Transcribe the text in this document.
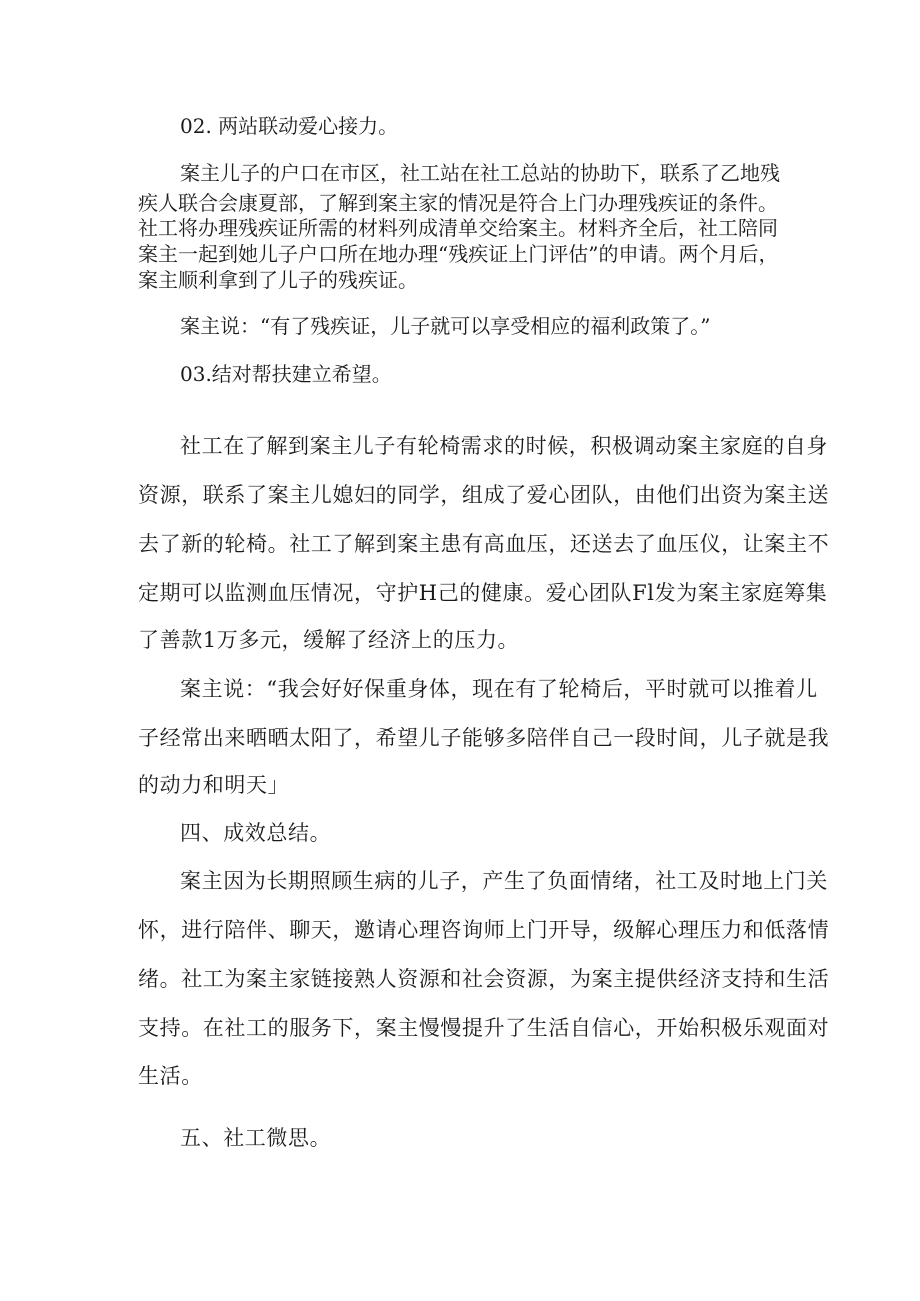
02. 两站联动爱心接力。
案主儿子的户口在市区，社工站在社工总站的协助下，联系了乙地残
疾人联合会康夏部，了解到案主家的情况是符合上门办理残疾证的条件。
社工将办理残疾证所需的材料列成清单交给案主。材料齐全后，社工陪同
案主一起到她儿子户口所在地办理“残疾证上门评估”的申请。两个月后，
案主顺利拿到了儿子的残疾证。
案主说：“有了残疾证，儿子就可以享受相应的福利政策了。”
03.结对帮扶建立希望。
社工在了解到案主儿子有轮椅需求的时候，积极调动案主家庭的自身
资源，联系了案主儿媳妇的同学，组成了爱心团队，由他们出资为案主送
去了新的轮椅。社工了解到案主患有高血压，还送去了血压仪，让案主不
定期可以监测血压情况，守护H己的健康。爱心团队Fl发为案主家庭筹集
了善款1万多元，缓解了经济上的压力。
案主说：“我会好好保重身体，现在有了轮椅后，平时就可以推着儿
子经常出来晒晒太阳了，希望儿子能够多陪伴自己一段时间，儿子就是我
的动力和明天」
四、成效总结。
案主因为长期照顾生病的儿子，产生了负面情绪，社工及时地上门关
怀，进行陪伴、聊天，邀请心理咨询师上门开导，级解心理压力和低落情
绪。社工为案主家链接熟人资源和社会资源，为案主提供经济支持和生活
支持。在社工的服务下，案主慢慢提升了生活自信心，开始积极乐观面对
生活。
五、社工微思。
